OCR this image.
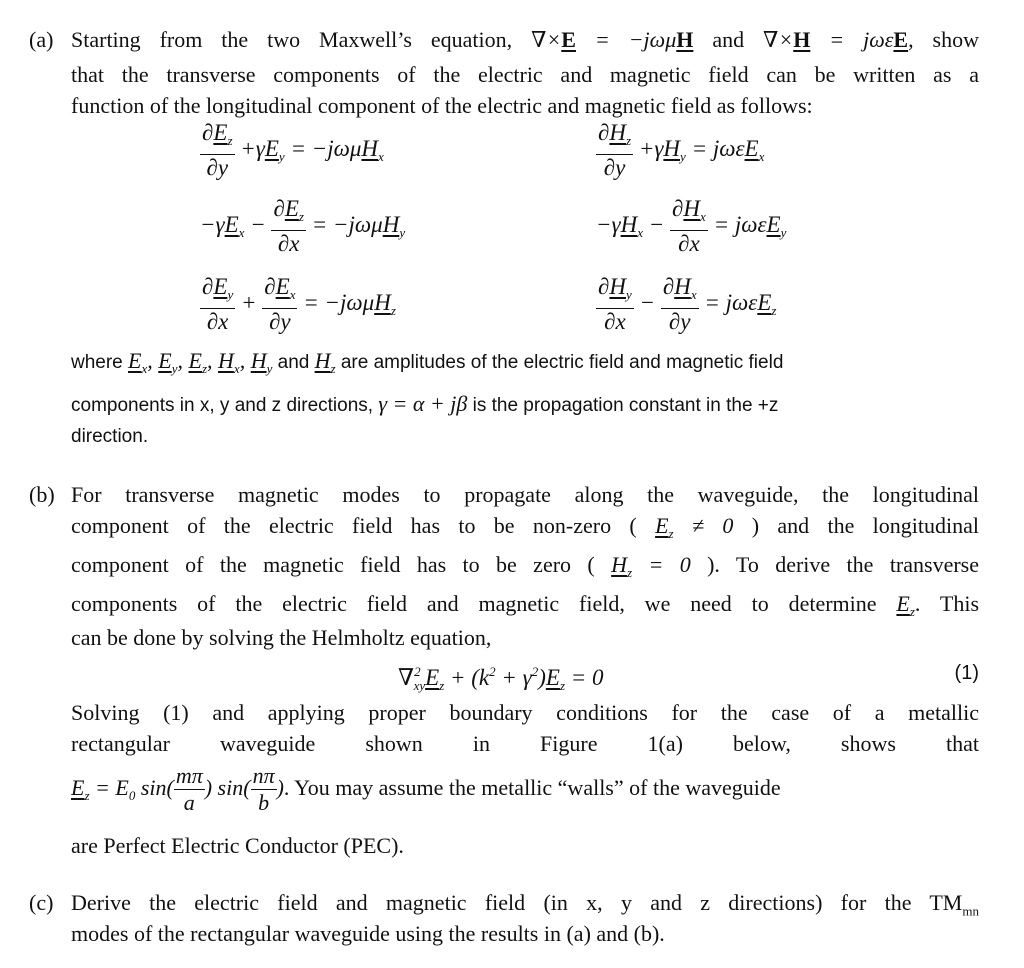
(a) Starting from the two Maxwell’s equation, ∇×E = −jωμH and ∇×H = jωεE, show
that the transverse components of the electric and magnetic field can be written as a
function of the longitudinal component of the electric and magnetic field as follows:
$\frac{\partial E_z}{\partial y} +\gamma E_y = -j\omega\mu H_x$
$-\gamma E_x - \frac{\partial E_z}{\partial x} = -j\omega\mu H_y$
$\frac{\partial E_y}{\partial x} + \frac{\partial E_x}{\partial y} = -j\omega\mu H_z$
$\frac{\partial H_z}{\partial y} +\gamma H_y = j\omega\varepsilon E_x$
$-\gamma H_x - \frac{\partial H_x}{\partial x} = j\omega\varepsilon E_y$
$\frac{\partial H_y}{\partial x} - \frac{\partial H_x}{\partial y} = j\omega\varepsilon E_z$
where $E_x$, $E_y$, $E_z$, $H_x$, $H_y$ and $H_z$ are amplitudes of the electric field and magnetic field
components in x, y and z directions, γ = α + jβ is the propagation constant in the +z
direction.
(b) For transverse magnetic modes to propagate along the waveguide, the longitudinal
component of the electric field has to be non-zero ( $E_z \ne 0$ ) and the longitudinal
component of the magnetic field has to be zero ( $H_z = 0$ ). To derive the transverse
components of the electric field and magnetic field, we need to determine $E_z$. This
can be done by solving the Helmholtz equation,
$\nabla^2_{xy}E_z + (k^2 + \gamma^2)E_z = 0$	(1)
Solving (1) and applying proper boundary conditions for the case of a metallic
rectangular waveguide shown in Figure 1(a) below, shows that
$E_z = E_0$ $\sin( \frac{m\pi}{a}$ ) $\sin( \frac{n\pi}{b}$ ). You may assume the metallic “walls” of the waveguide
are Perfect Electric Conductor (PEC).
(c) Derive the electric field and magnetic field (in x, y and z directions) for the $TM_{mn}$
modes of the rectangular waveguide using the results in (a) and (b).
